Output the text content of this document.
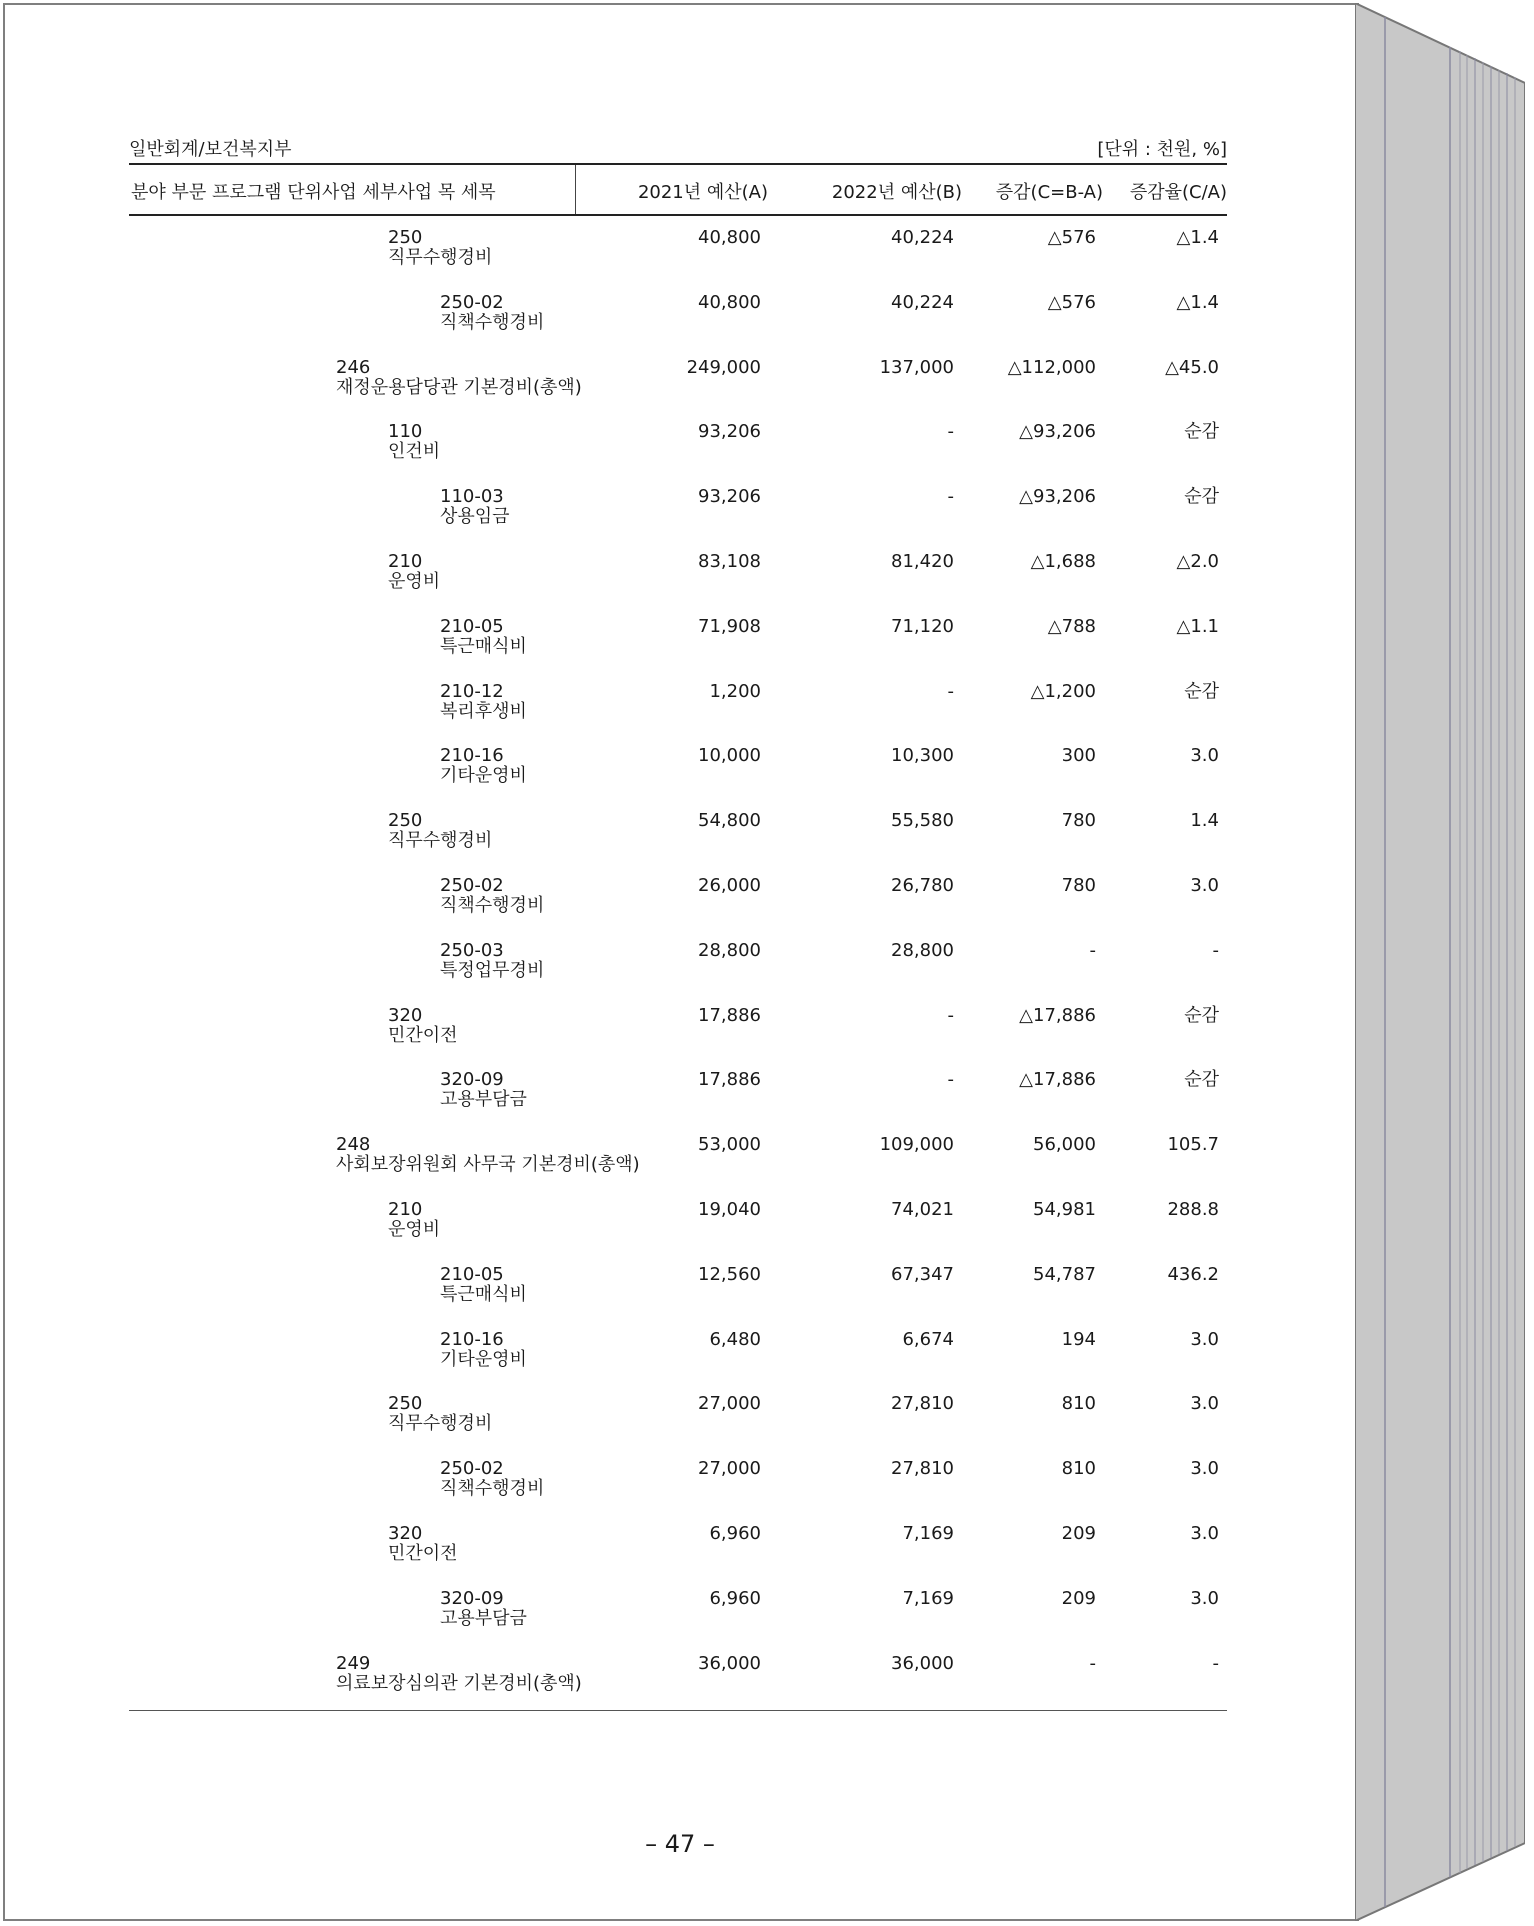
일반회계/보건복지부	[단위 : 천원, %]
분야 부문 프로그램 단위사업 세부사업 목 세목	2021년 예산(A)	2022년 예산(B)	증감(C=B-A)	증감율(C/A)
250
직무수행경비
40,800	40,224	△576	△1.4
250-02
직책수행경비
40,800	40,224	△576	△1.4
246
재정운용담당관 기본경비(총액)
249,000	137,000	△112,000	△45.0
110
인건비
93,206	-	△93,206	순감
110-03
상용임금
93,206	-	△93,206	순감
210
운영비
83,108	81,420	△1,688	△2.0
210-05
특근매식비
71,908	71,120	△788	△1.1
210-12
복리후생비
1,200	-	△1,200	순감
210-16
기타운영비
10,000	10,300	300	3.0
250
직무수행경비
54,800	55,580	780	1.4
250-02
직책수행경비
26,000	26,780	780	3.0
250-03
특정업무경비
28,800	28,800	-	-
320
민간이전
17,886	-	△17,886	순감
320-09
고용부담금
17,886	-	△17,886	순감
248
사회보장위원회 사무국 기본경비(총액)
53,000	109,000	56,000	105.7
210
운영비
19,040	74,021	54,981	288.8
210-05
특근매식비
12,560	67,347	54,787	436.2
210-16
기타운영비
6,480	6,674	194	3.0
250
직무수행경비
27,000	27,810	810	3.0
250-02
직책수행경비
27,000	27,810	810	3.0
320
민간이전
6,960	7,169	209	3.0
320-09
고용부담금
6,960	7,169	209	3.0
249
의료보장심의관 기본경비(총액)
36,000	36,000	-	-
– 47 –
